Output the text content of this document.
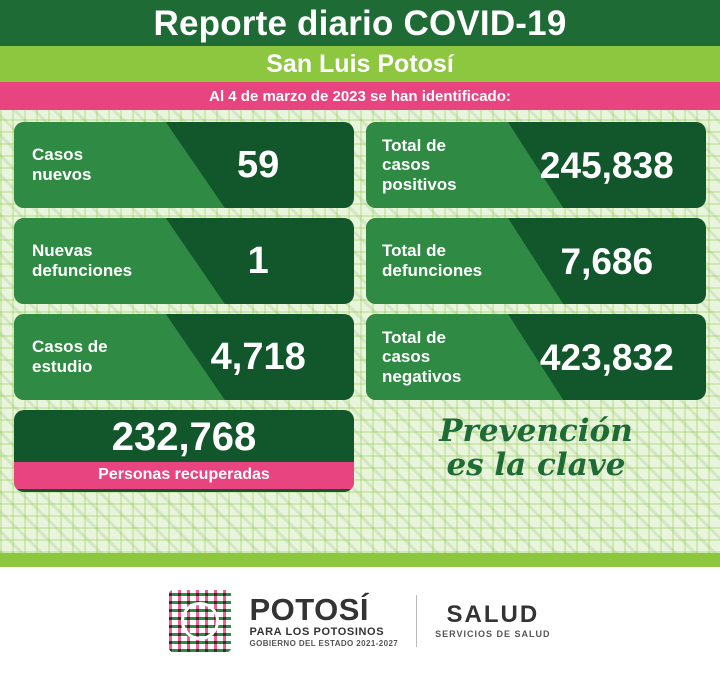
Reporte diario COVID-19
San Luis Potosí
Al 4 de marzo de 2023 se han identificado:
Casos
nuevos	59	Total de
casos
positivos	245,838
Nuevas
defunciones	1	Total de
defunciones	7,686
Casos de
estudio	4,718	Total de
casos
negativos	423,832
232,768
Personas recuperadas
Prevención
es la clave
POTOSÍ
PARA LOS POTOSINOS
GOBIERNO DEL ESTADO 2021-2027
SALUD
SERVICIOS DE SALUD
